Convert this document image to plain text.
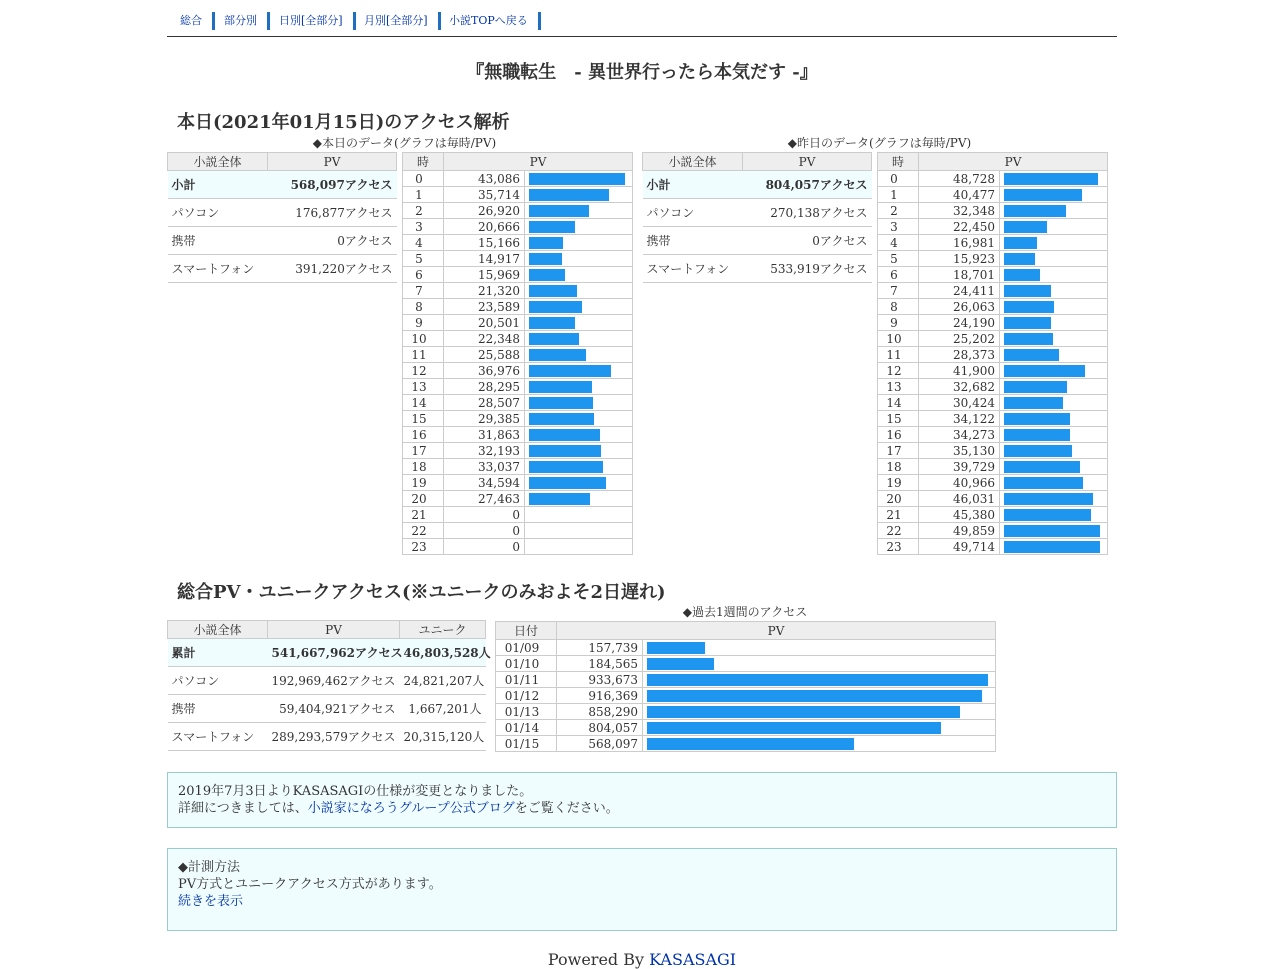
総合	部分別	日別[全部分]	月別[全部分]	小説TOPへ戻る
『無職転生　- 異世界行ったら本気だす -』
本日(2021年01月15日)のアクセス解析
◆本日のデータ(グラフは毎時/PV)	◆昨日のデータ(グラフは毎時/PV)
小説全体	PV
小計	568,097アクセス
パソコン	176,877アクセス
携帯	0アクセス
スマートフォン	391,220アクセス
時	PV	
0	43,086	

1	35,714	

2	26,920	

3	20,666	

4	15,166	

5	14,917	

6	15,969	

7	21,320	

8	23,589	

9	20,501	

10	22,348	

11	25,588	

12	36,976	

13	28,295	

14	28,507	

15	29,385	

16	31,863	

17	32,193	

18	33,037	

19	34,594	

20	27,463	

21	0	
22	0	
23	0	
小説全体	PV
小計	804,057アクセス
パソコン	270,138アクセス
携帯	0アクセス
スマートフォン	533,919アクセス
時	PV	
0	48,728	

1	40,477	

2	32,348	

3	22,450	

4	16,981	

5	15,923	

6	18,701	

7	24,411	

8	26,063	

9	24,190	

10	25,202	

11	28,373	

12	41,900	

13	32,682	

14	30,424	

15	34,122	

16	34,273	

17	35,130	

18	39,729	

19	40,966	

20	46,031	

21	45,380	

22	49,859	

23	49,714	
総合PV・ユニークアクセス(※ユニークのみおよそ2日遅れ)
◆過去1週間のアクセス
小説全体	PV	ユニーク
累計	541,667,962アクセス	46,803,528人
パソコン	192,969,462アクセス	24,821,207人
携帯	59,404,921アクセス	1,667,201人
スマートフォン	289,293,579アクセス	20,315,120人
日付	PV	
01/09	157,739	

01/10	184,565	

01/11	933,673	

01/12	916,369	

01/13	858,290	

01/14	804,057	

01/15	568,097	
2019年7月3日よりKASASAGIの仕様が変更となりました。
詳細につきましては、小説家になろうグループ公式ブログをご覧ください。
◆計測方法
PV方式とユニークアクセス方式があります。
続きを表示
Powered By KASASAGI
